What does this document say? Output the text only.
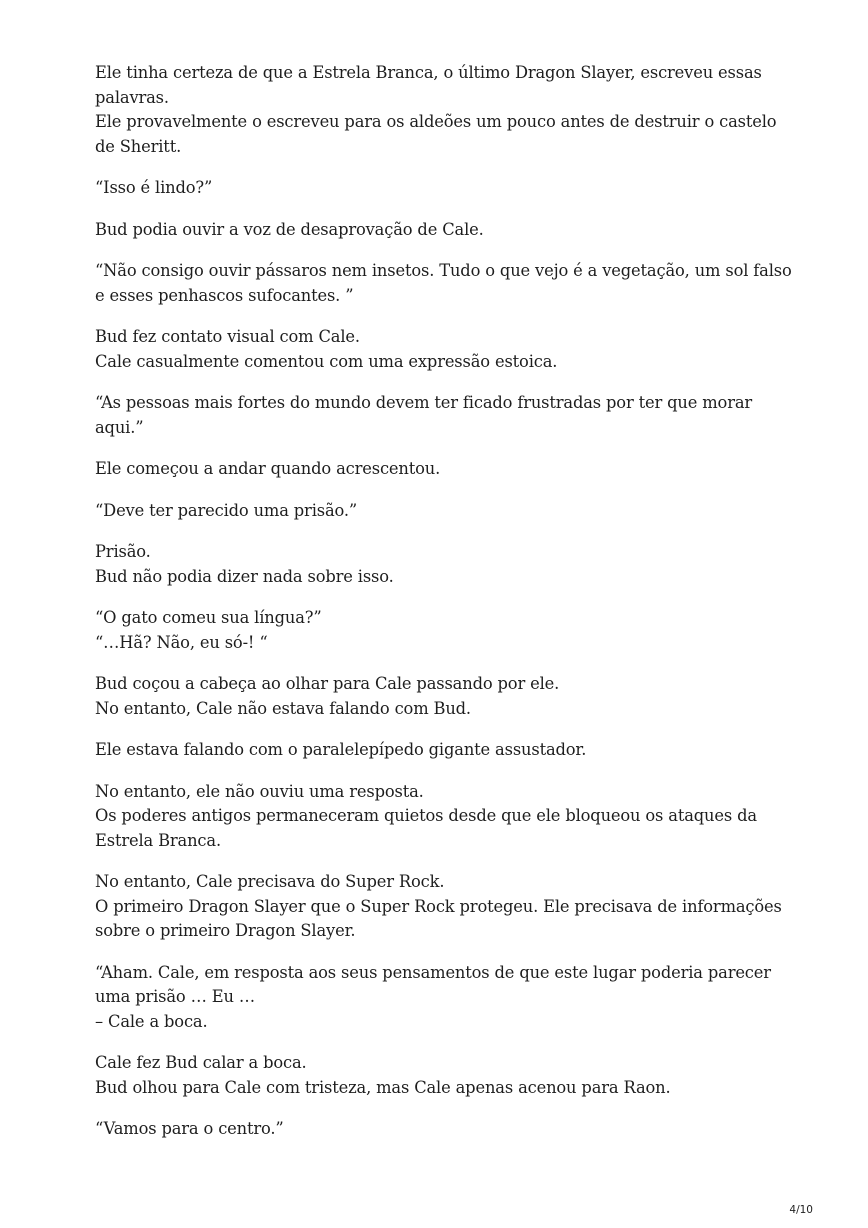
Ele tinha certeza de que a Estrela Branca, o último Dragon Slayer, escreveu essas palavras.
Ele provavelmente o escreveu para os aldeões um pouco antes de destruir o castelo de Sheritt.

“Isso é lindo?”

Bud podia ouvir a voz de desaprovação de Cale.

“Não consigo ouvir pássaros nem insetos. Tudo o que vejo é a vegetação, um sol falso e esses penhascos sufocantes. ”

Bud fez contato visual com Cale.
Cale casualmente comentou com uma expressão estoica.

“As pessoas mais fortes do mundo devem ter ficado frustradas por ter que morar aqui.”

Ele começou a andar quando acrescentou.

“Deve ter parecido uma prisão.”

Prisão.
Bud não podia dizer nada sobre isso.

“O gato comeu sua língua?”
“…Hã? Não, eu só-! “

Bud coçou a cabeça ao olhar para Cale passando por ele.
No entanto, Cale não estava falando com Bud.

Ele estava falando com o paralelepípedo gigante assustador.

No entanto, ele não ouviu uma resposta.
Os poderes antigos permaneceram quietos desde que ele bloqueou os ataques da Estrela Branca.

No entanto, Cale precisava do Super Rock.
O primeiro Dragon Slayer que o Super Rock protegeu. Ele precisava de informações sobre o primeiro Dragon Slayer.

“Aham. Cale, em resposta aos seus pensamentos de que este lugar poderia parecer uma prisão … Eu …
– Cale a boca.

Cale fez Bud calar a boca.
Bud olhou para Cale com tristeza, mas Cale apenas acenou para Raon.

“Vamos para o centro.”

4/10
